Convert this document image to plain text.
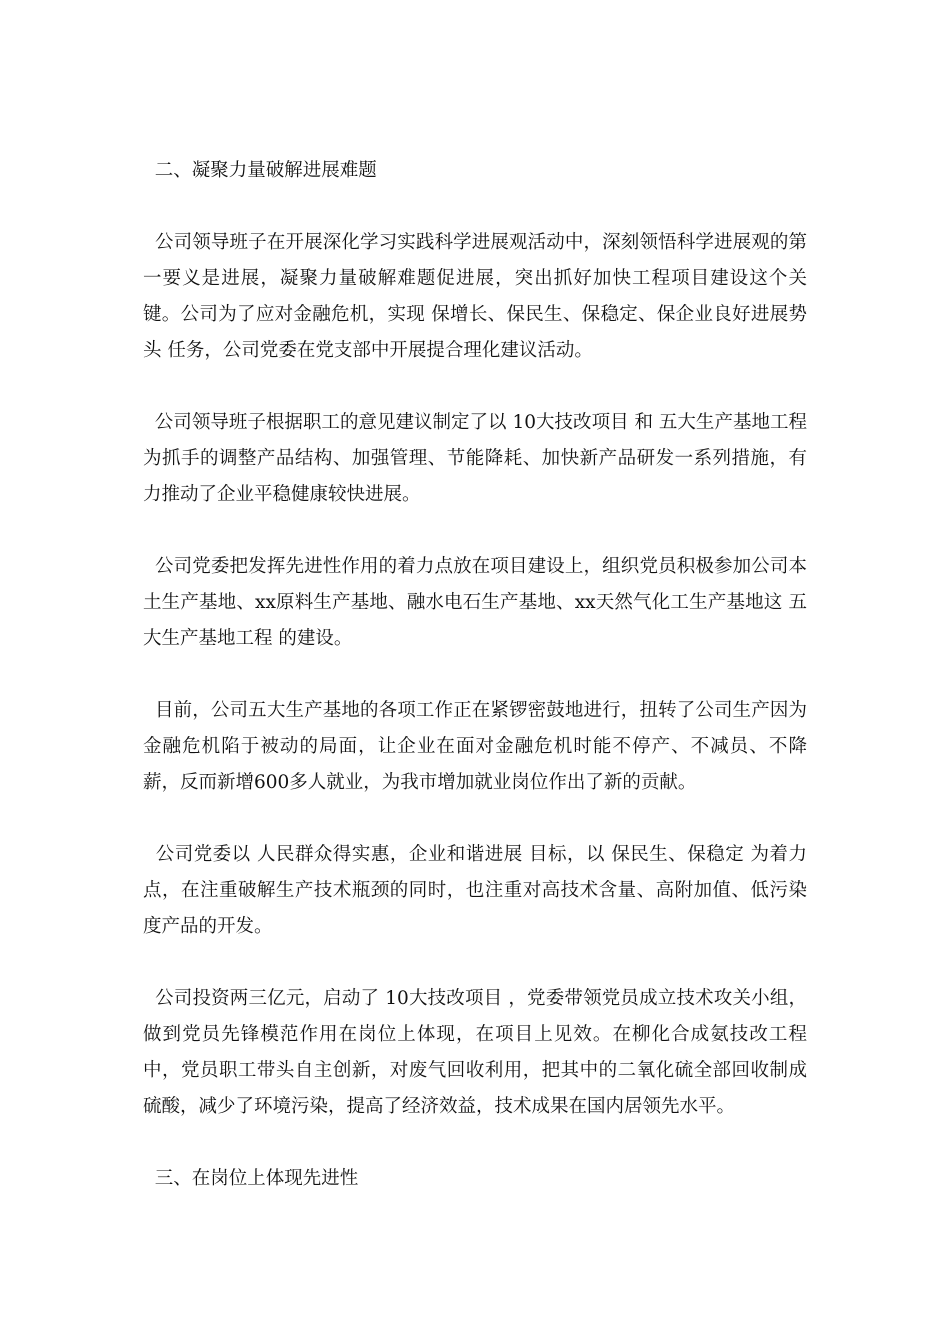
二、凝聚力量破解进展难题

公司领导班子在开展深化学习实践科学进展观活动中，深刻领悟科学进展观的第一要义是进展，凝聚力量破解难题促进展，突出抓好加快工程项目建设这个关键。公司为了应对金融危机，实现 保增长、保民生、保稳定、保企业良好进展势头 任务，公司党委在党支部中开展提合理化建议活动。

公司领导班子根据职工的意见建议制定了以 10大技改项目 和 五大生产基地工程 为抓手的调整产品结构、加强管理、节能降耗、加快新产品研发一系列措施，有力推动了企业平稳健康较快进展。

公司党委把发挥先进性作用的着力点放在项目建设上，组织党员积极参加公司本土生产基地、xx原料生产基地、融水电石生产基地、xx天然气化工生产基地这 五大生产基地工程 的建设。

目前，公司五大生产基地的各项工作正在紧锣密鼓地进行，扭转了公司生产因为金融危机陷于被动的局面，让企业在面对金融危机时能不停产、不减员、不降薪，反而新增600多人就业，为我市增加就业岗位作出了新的贡献。

公司党委以 人民群众得实惠，企业和谐进展 目标，以 保民生、保稳定 为着力点，在注重破解生产技术瓶颈的同时，也注重对高技术含量、高附加值、低污染度产品的开发。

公司投资两三亿元，启动了 10大技改项目 ，党委带领党员成立技术攻关小组，做到党员先锋模范作用在岗位上体现，在项目上见效。在柳化合成氨技改工程中，党员职工带头自主创新，对废气回收利用，把其中的二氧化硫全部回收制成硫酸，减少了环境污染，提高了经济效益，技术成果在国内居领先水平。

三、在岗位上体现先进性
